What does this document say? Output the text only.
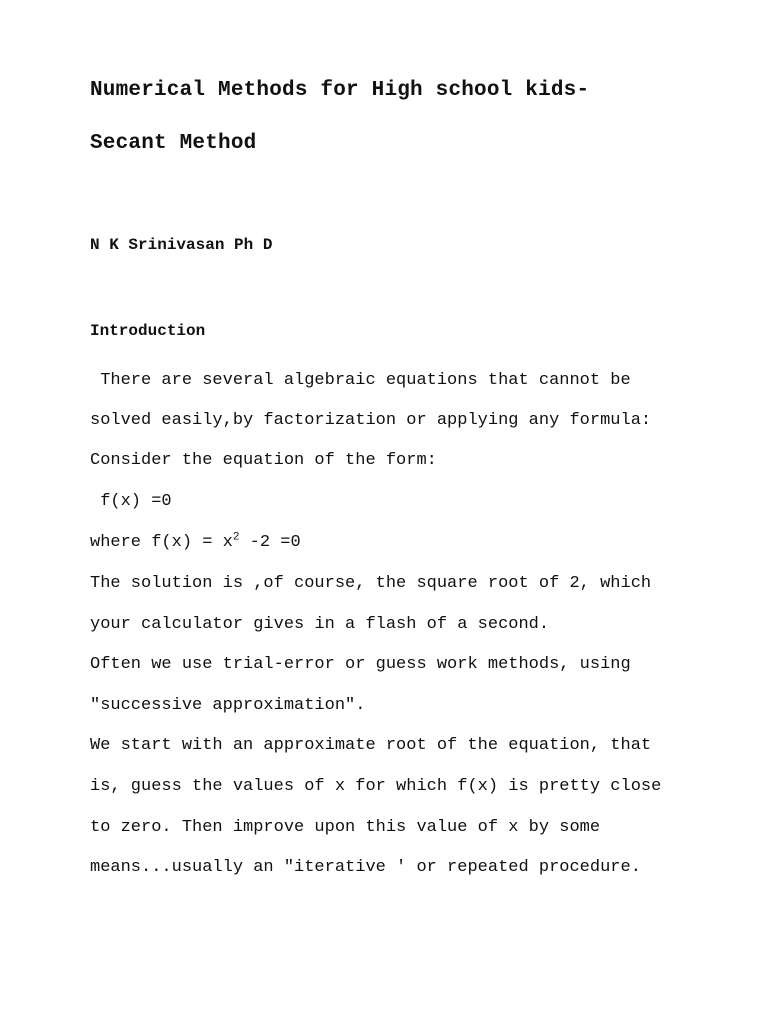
Numerical Methods for High school kids-
Secant Method
N K Srinivasan Ph D
Introduction
There are several algebraic equations that cannot be
solved easily,by factorization or applying any formula:
Consider the equation of the form:
f(x) =0
where $f(x) = x^2$ -2 =0
The solution is ,of course, the square root of 2, which
your calculator gives in a flash of a second.
Often we use trial-error or guess work methods, using
"successive approximation".
We start with an approximate root of the equation, that
is, guess the values of x for which f(x) is pretty close
to zero. Then improve upon this value of x by some
means...usually an "iterative ' or repeated procedure.
